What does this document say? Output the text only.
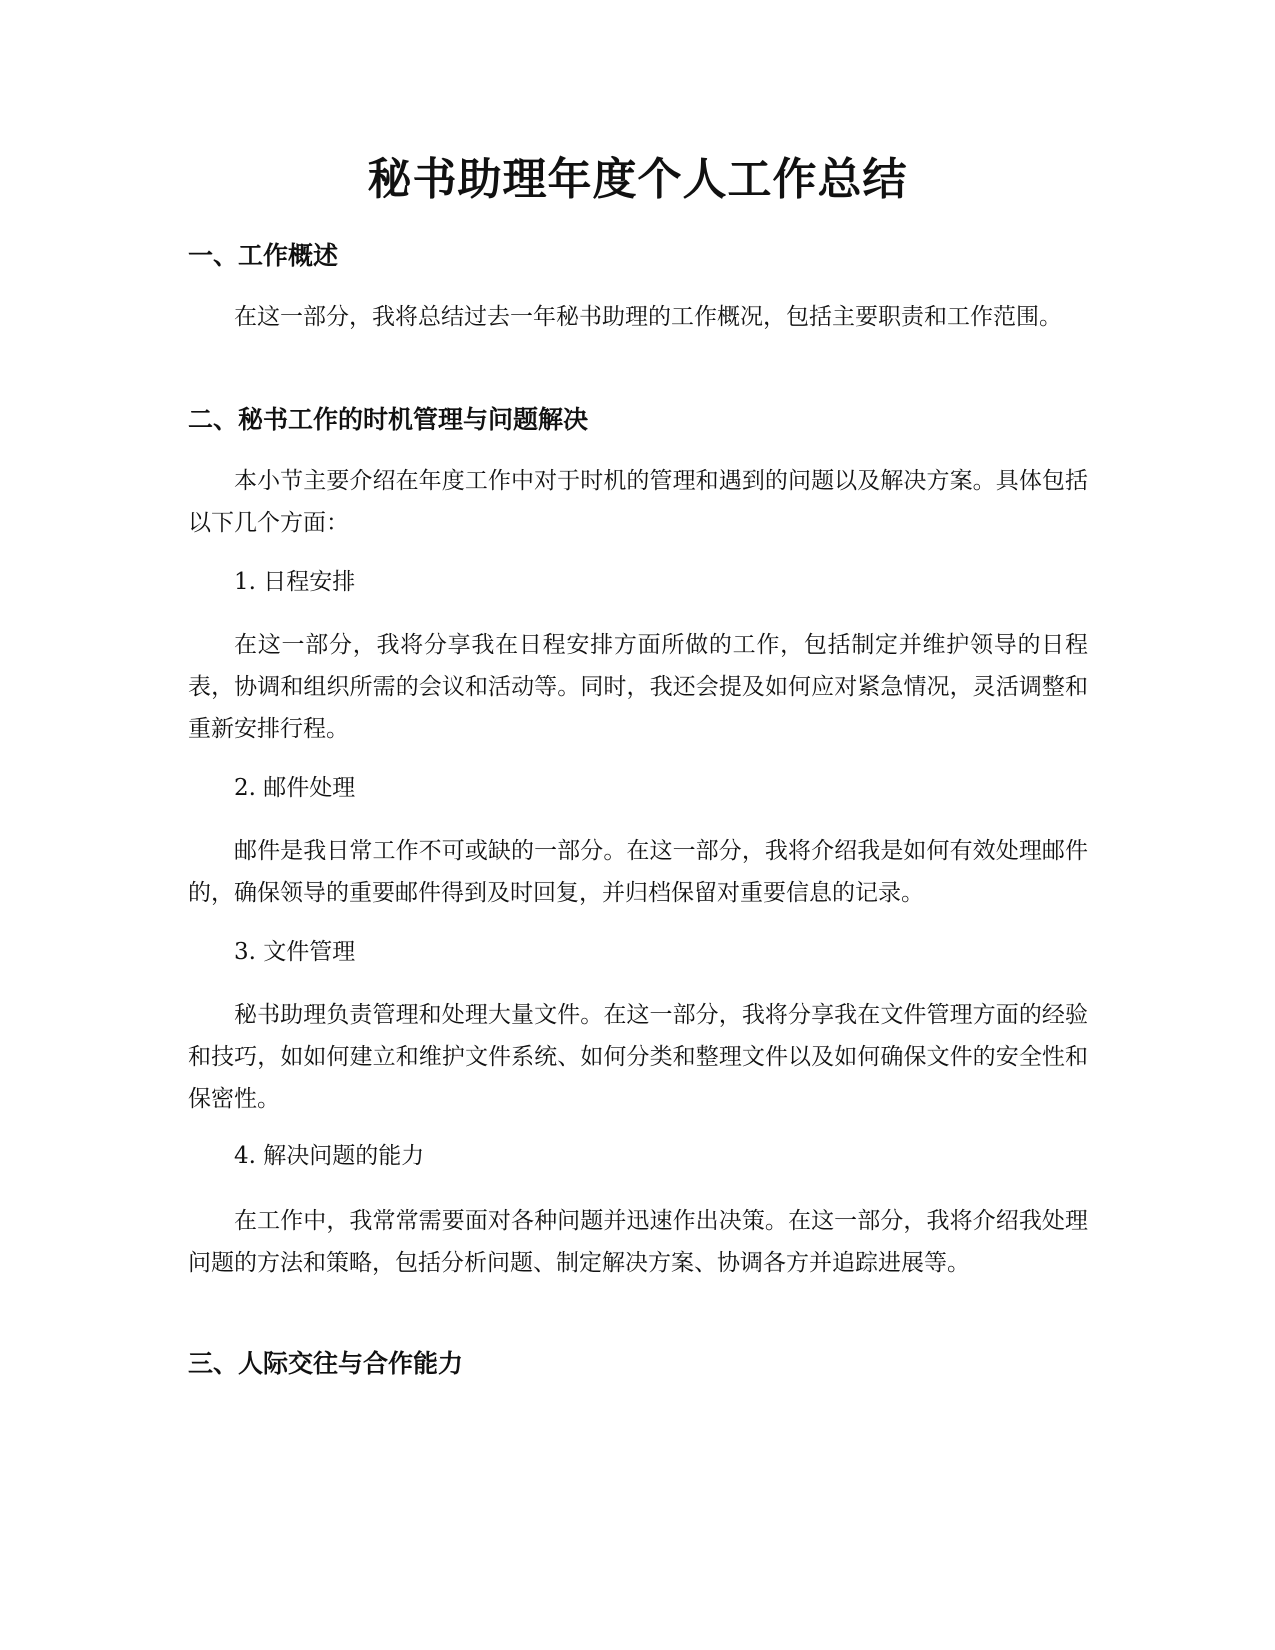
秘书助理年度个人工作总结
一、工作概述

在这一部分，我将总结过去一年秘书助理的工作概况，包括主要职责和工作范围。

二、秘书工作的时机管理与问题解决

本小节主要介绍在年度工作中对于时机的管理和遇到的问题以及解决方案。具体包括以下几个方面：

1. 日程安排

在这一部分，我将分享我在日程安排方面所做的工作，包括制定并维护领导的日程表，协调和组织所需的会议和活动等。同时，我还会提及如何应对紧急情况，灵活调整和重新安排行程。

2. 邮件处理

邮件是我日常工作不可或缺的一部分。在这一部分，我将介绍我是如何有效处理邮件的，确保领导的重要邮件得到及时回复，并归档保留对重要信息的记录。

3. 文件管理

秘书助理负责管理和处理大量文件。在这一部分，我将分享我在文件管理方面的经验和技巧，如如何建立和维护文件系统、如何分类和整理文件以及如何确保文件的安全性和保密性。

4. 解决问题的能力

在工作中，我常常需要面对各种问题并迅速作出决策。在这一部分，我将介绍我处理问题的方法和策略，包括分析问题、制定解决方案、协调各方并追踪进展等。

三、人际交往与合作能力
